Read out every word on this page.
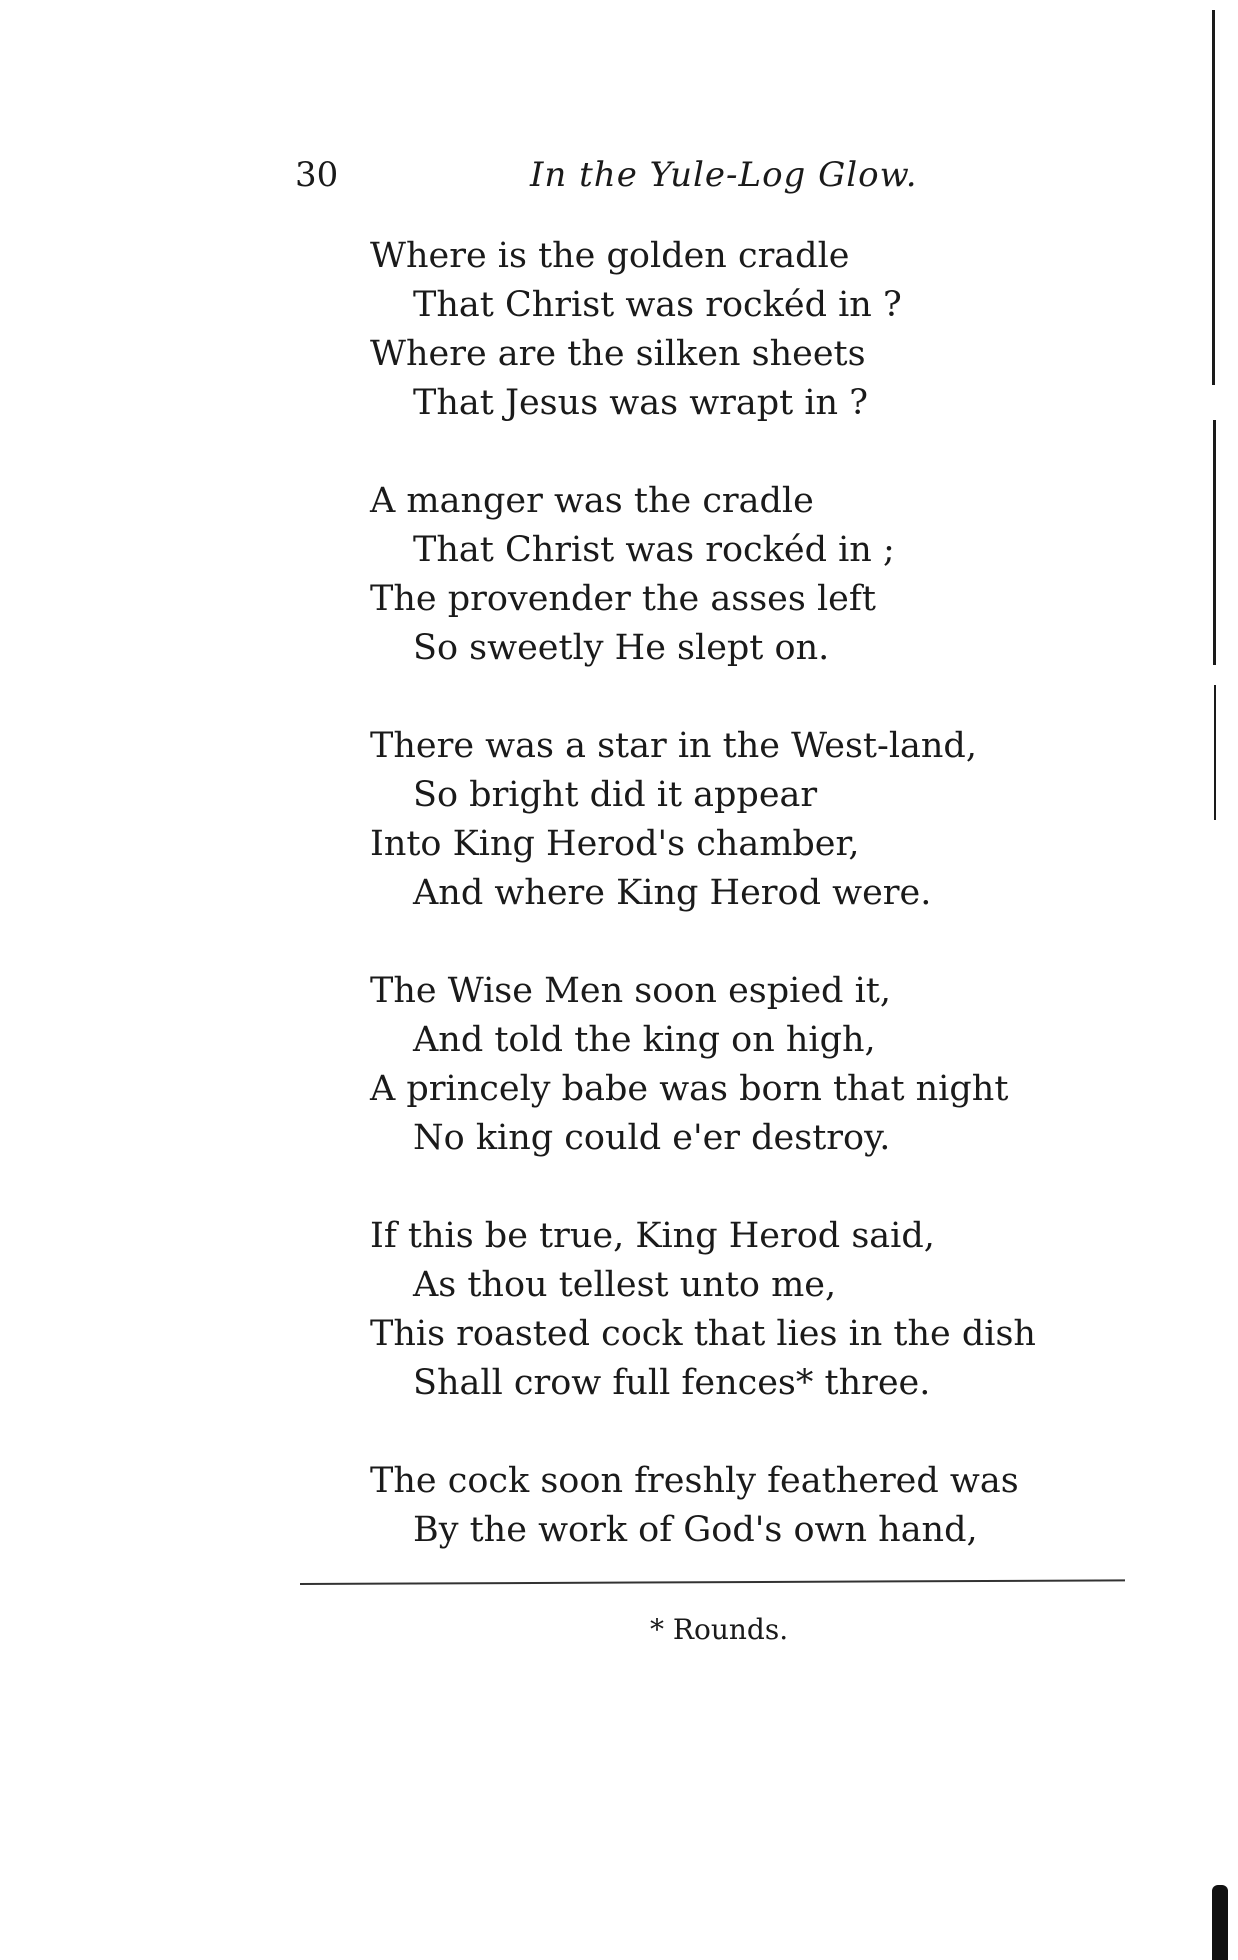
30	In the Yule-Log Glow.
Where is the golden cradle
That Christ was rockéd in ?
Where are the silken sheets
That Jesus was wrapt in ?
A manger was the cradle
That Christ was rockéd in ;
The provender the asses left
So sweetly He slept on.
There was a star in the West-land,
So bright did it appear
Into King Herod's chamber,
And where King Herod were.
The Wise Men soon espied it,
And told the king on high,
A princely babe was born that night
No king could e'er destroy.
If this be true, King Herod said,
As thou tellest unto me,
This roasted cock that lies in the dish
Shall crow full fences* three.
The cock soon freshly feathered was
By the work of God's own hand,
* Rounds.
